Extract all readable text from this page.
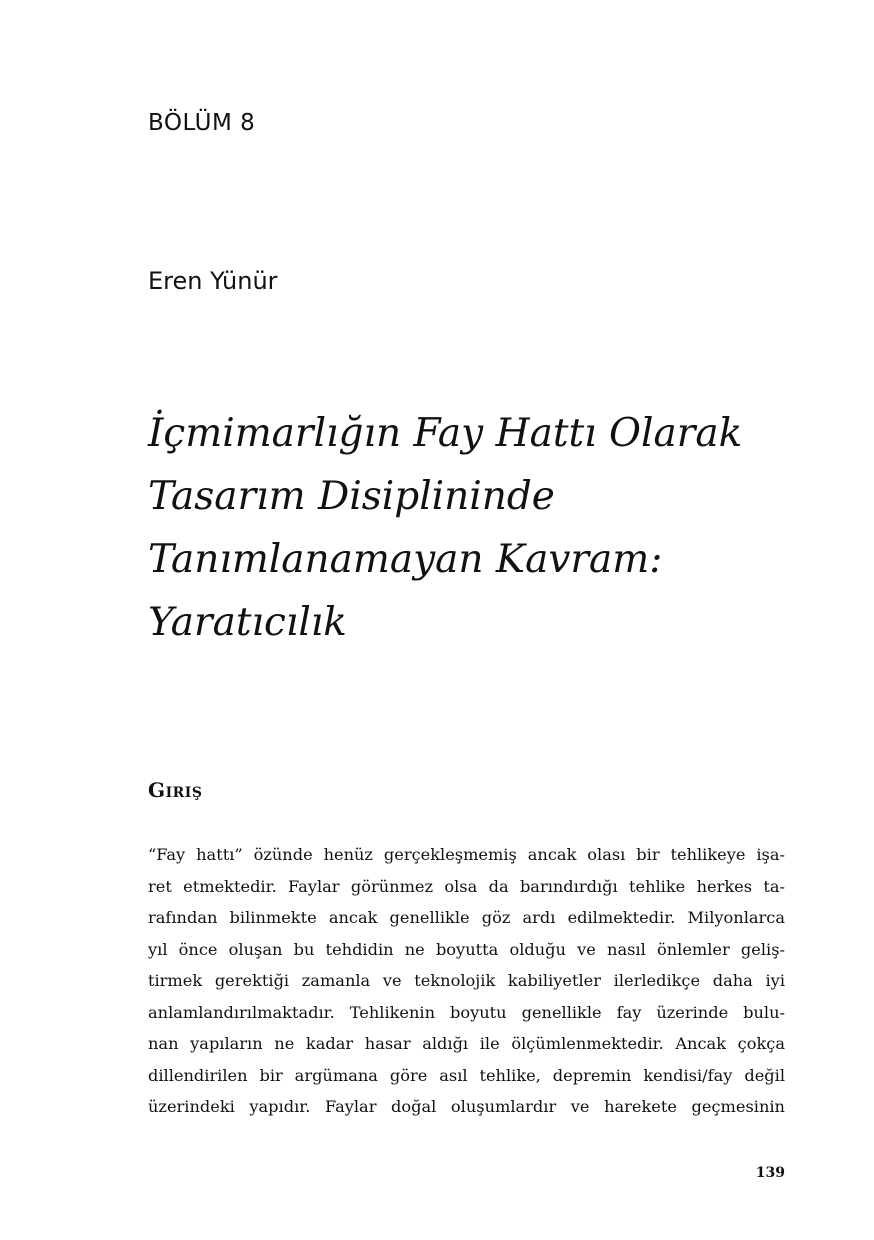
BÖLÜM 8
Eren Yünür
İçmimarlığın Fay Hattı Olarak
Tasarım Disiplininde
Tanımlanamayan Kavram:
Yaratıcılık
Giriş
“Fay hattı” özünde henüz gerçekleşmemiş ancak olası bir tehlikeye işa-
ret etmektedir. Faylar görünmez olsa da barındırdığı tehlike herkes ta-
rafından bilinmekte ancak genellikle göz ardı edilmektedir. Milyonlarca
yıl önce oluşan bu tehdidin ne boyutta olduğu ve nasıl önlemler geliş-
tirmek gerektiği zamanla ve teknolojik kabiliyetler ilerledikçe daha iyi
anlamlandırılmaktadır. Tehlikenin boyutu genellikle fay üzerinde bulu-
nan yapıların ne kadar hasar aldığı ile ölçümlenmektedir. Ancak çokça
dillendirilen bir argümana göre asıl tehlike, depremin kendisi/fay değil
üzerindeki yapıdır. Faylar doğal oluşumlardır ve harekete geçmesinin
139
